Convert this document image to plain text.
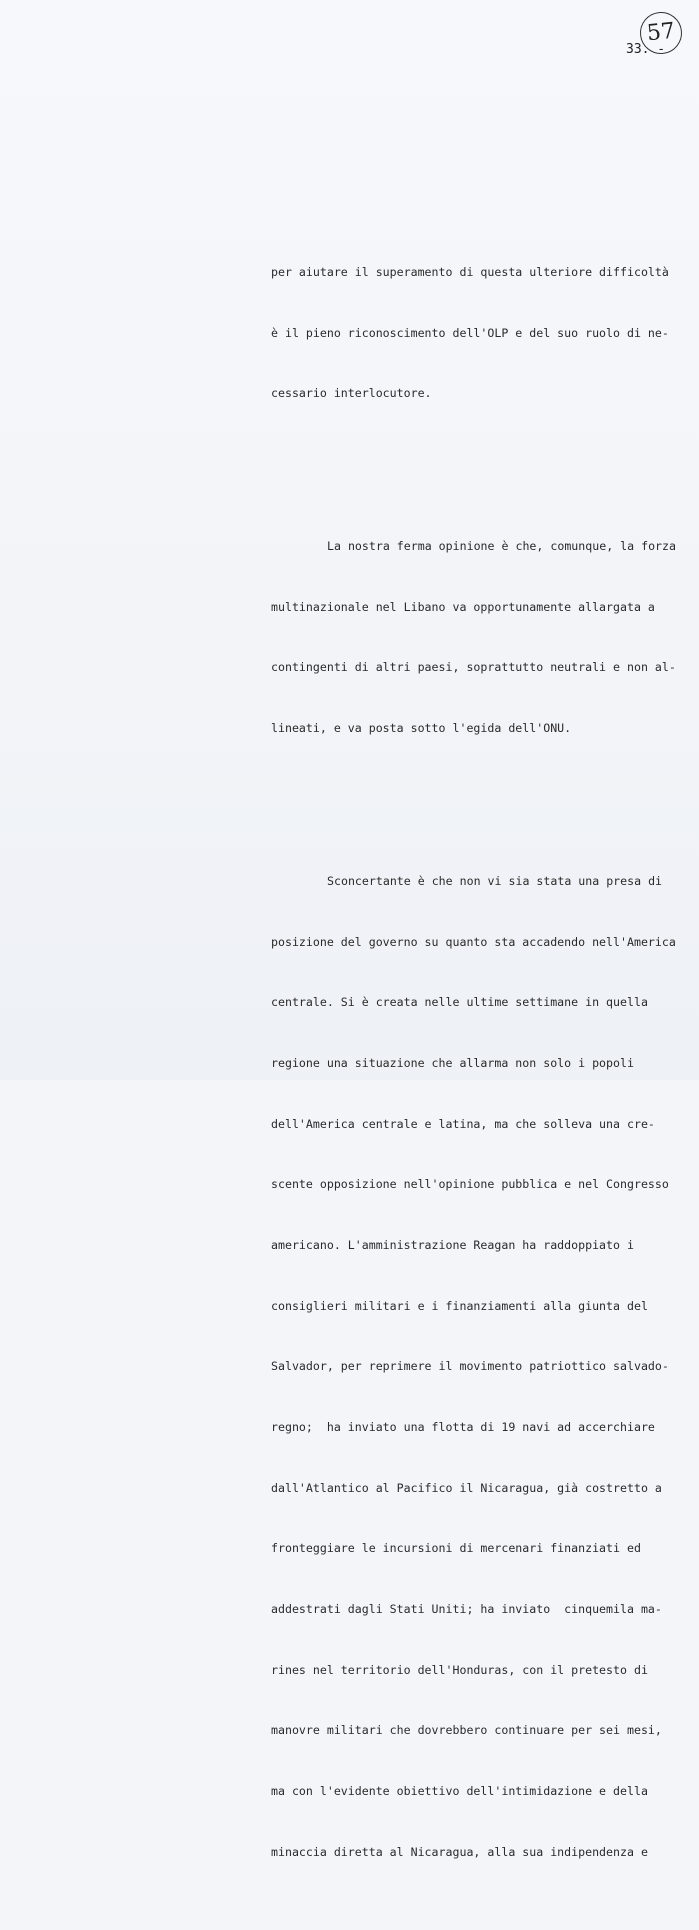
57
33. -

per aiutare il superamento di questa ulteriore difficoltà

è il pieno riconoscimento dell'OLP e del suo ruolo di ne-

cessario interlocutore.

La nostra ferma opinione è che, comunque, la forza

multinazionale nel Libano va opportunamente allargata a

contingenti di altri paesi, soprattutto neutrali e non al-

lineati, e va posta sotto l'egida dell'ONU.

Sconcertante è che non vi sia stata una presa di

posizione del governo su quanto sta accadendo nell'America

centrale. Si è creata nelle ultime settimane in quella

regione una situazione che allarma non solo i popoli

dell'America centrale e latina, ma che solleva una cre-

scente opposizione nell'opinione pubblica e nel Congresso

americano. L'amministrazione Reagan ha raddoppiato i

consiglieri militari e i finanziamenti alla giunta del

Salvador, per reprimere il movimento patriottico salvado-

regno;  ha inviato una flotta di 19 navi ad accerchiare

dall'Atlantico al Pacifico il Nicaragua, già costretto a

fronteggiare le incursioni di mercenari finanziati ed

addestrati dagli Stati Uniti; ha inviato  cinquemila ma-

rines nel territorio dell'Honduras, con il pretesto di

manovre militari che dovrebbero continuare per sei mesi,

ma con l'evidente obiettivo dell'intimidazione e della

minaccia diretta al Nicaragua, alla sua indipendenza e
